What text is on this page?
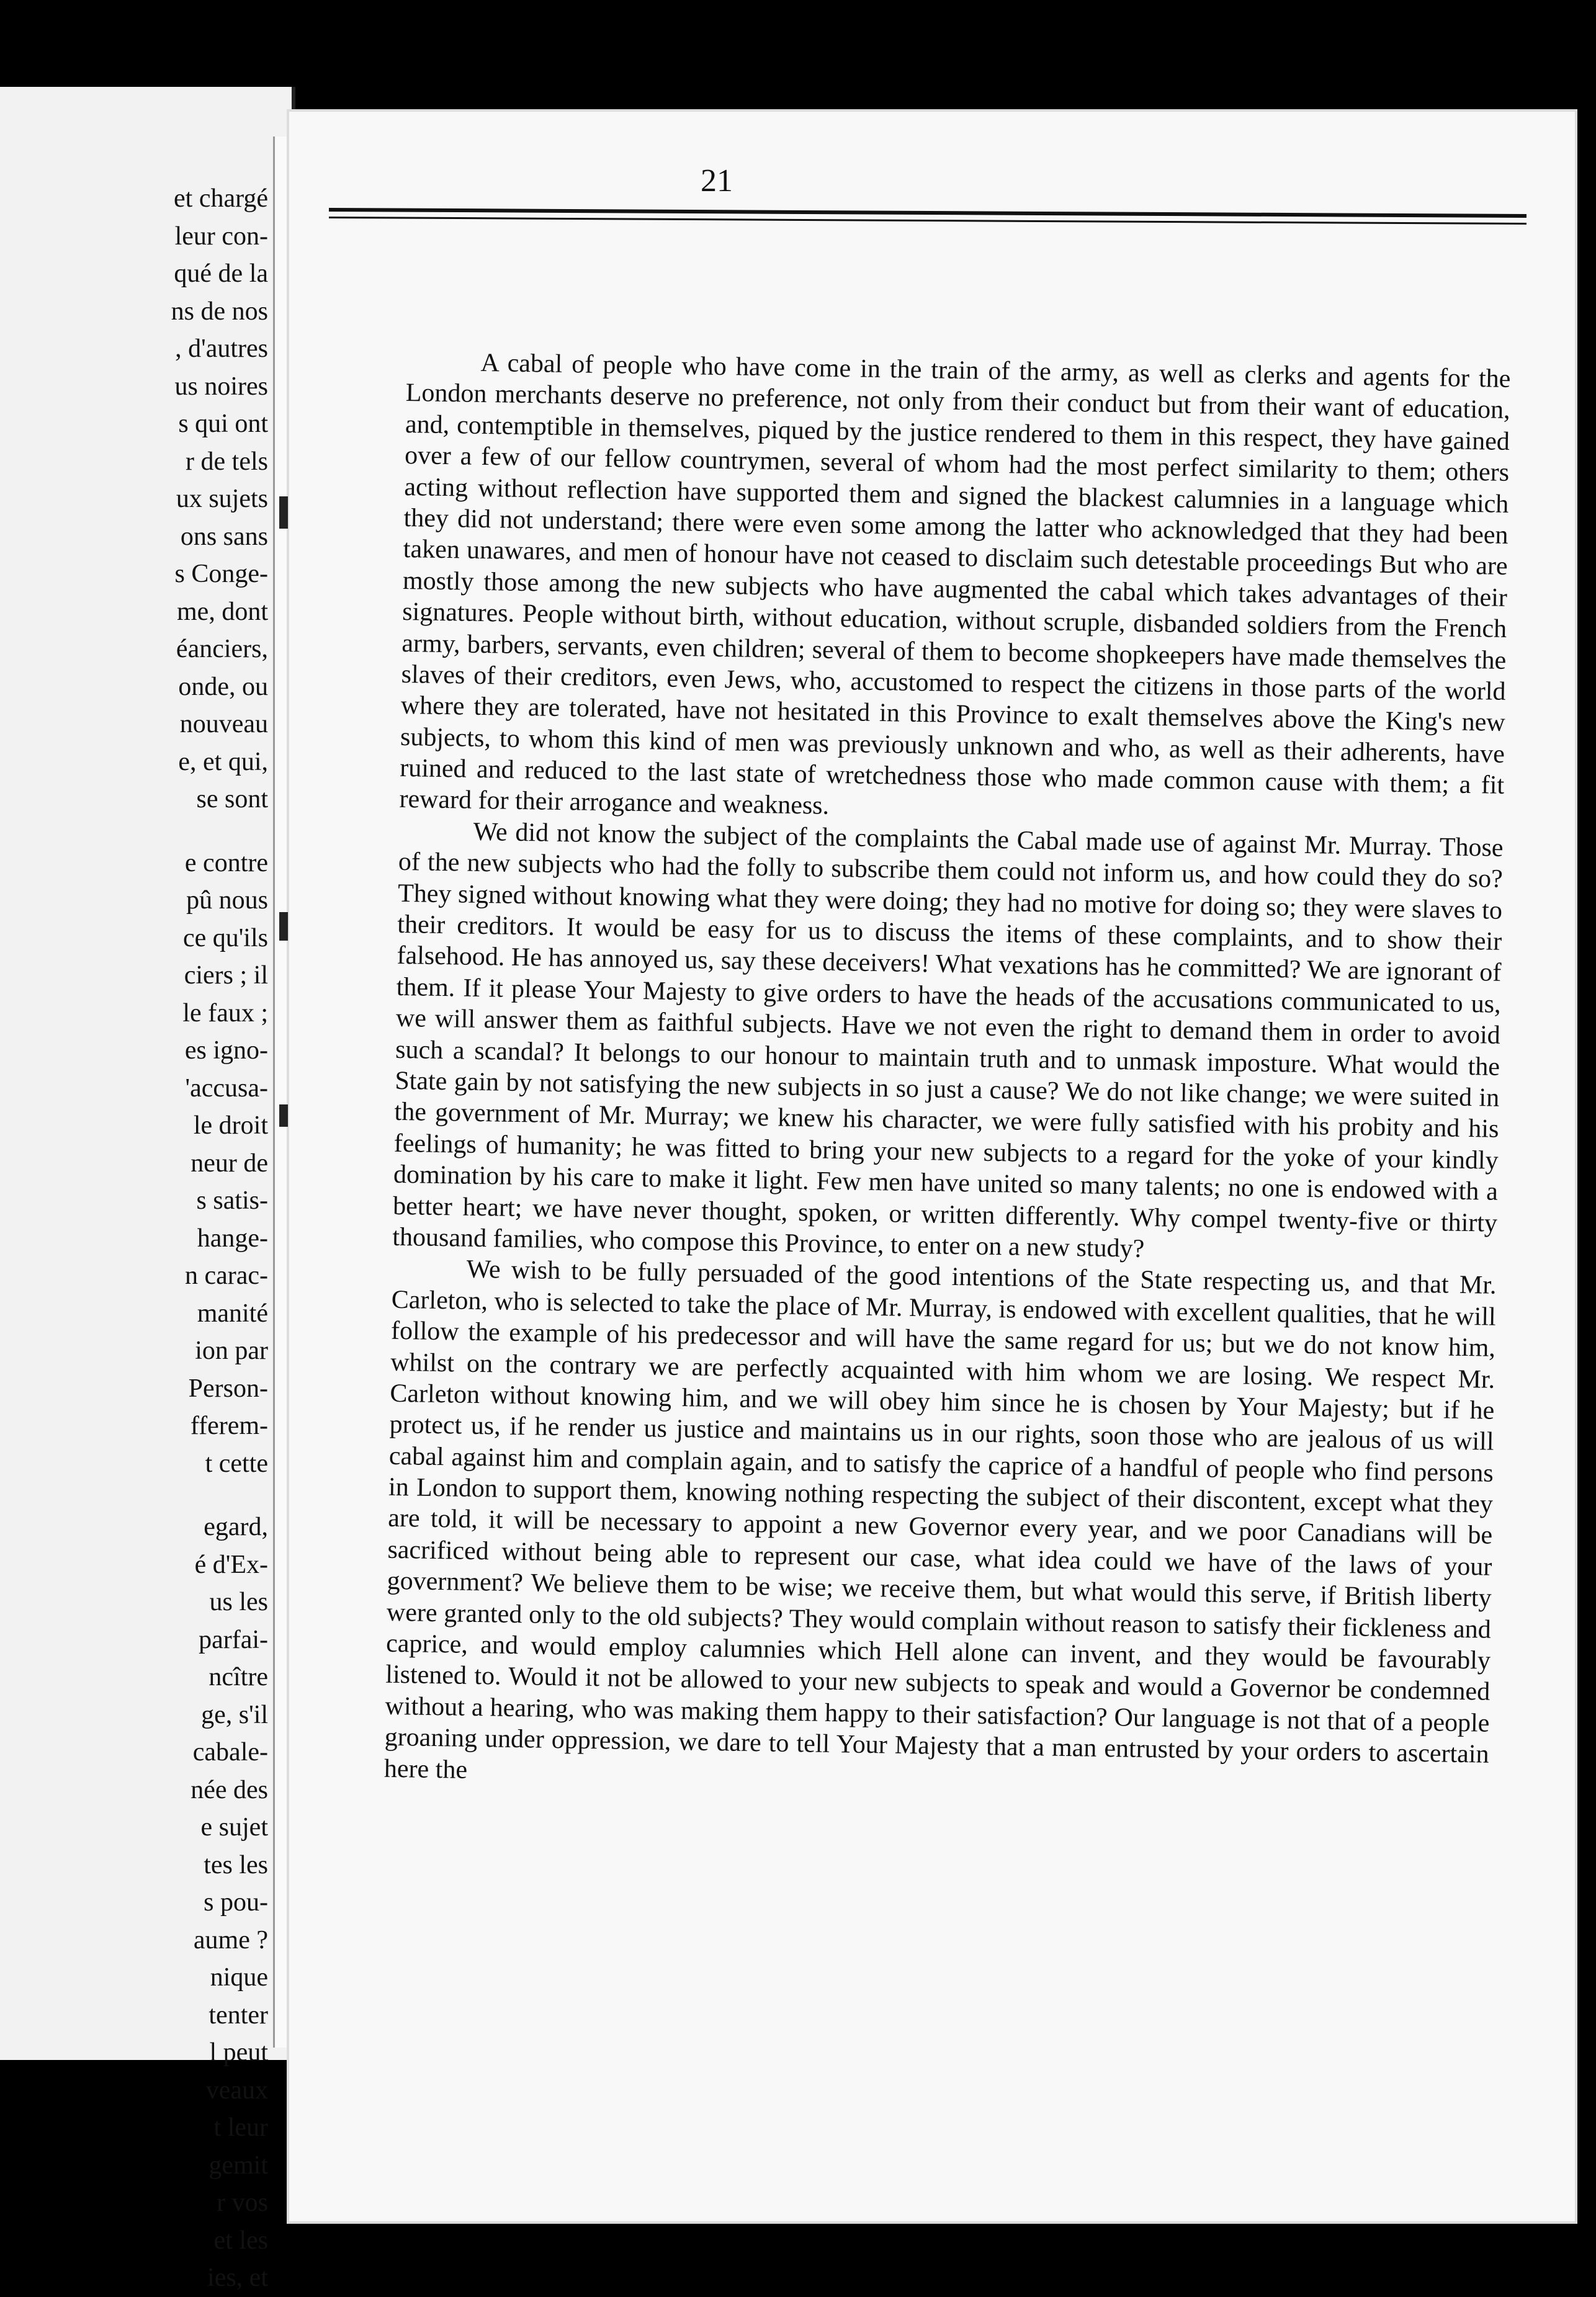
et chargé
leur con-
qué de la
ns de nos
, d'autres
us noires
s qui ont
r de tels
ux sujets
ons sans
s Conge-
me, dont
éanciers,
onde, ou
nouveau
e, et qui,
se sont
e contre
pû nous
ce qu'ils
ciers ; il
le faux ;
es igno-
'accusa-
le droit
neur de
s satis-
hange-
n carac-
manité
ion par
Person-
fferem-
t cette
egard,
é d'Ex-
us les
parfai-
ncître
ge, s'il
cabale-
née des
e sujet
tes les
s pou-
aume ?
nique
tenter
l peut
veaux
t leur
gemit
r vos
et les
ies, et
21

A cabal of people who have come in the train of the army, as well as clerks and agents for the London merchants deserve no preference, not only from their conduct but from their want of education, and, contemptible in themselves, piqued by the justice rendered to them in this respect, they have gained over a few of our fellow countrymen, several of whom had the most perfect similarity to them; others acting without reflection have supported them and signed the blackest calumnies in a language which they did not understand; there were even some among the latter who acknowledged that they had been taken unawares, and men of honour have not ceased to disclaim such detestable proceedings But who are mostly those among the new subjects who have augmented the cabal which takes advantages of their signatures. People without birth, without education, without scruple, disbanded soldiers from the French army, barbers, servants, even children; several of them to become shopkeepers have made themselves the slaves of their creditors, even Jews, who, accustomed to respect the citizens in those parts of the world where they are tolerated, have not hesitated in this Province to exalt themselves above the King's new subjects, to whom this kind of men was previously unknown and who, as well as their adherents, have ruined and reduced to the last state of wretchedness those who made common cause with them; a fit reward for their arrogance and weakness.

We did not know the subject of the complaints the Cabal made use of against Mr. Murray. Those of the new subjects who had the folly to subscribe them could not inform us, and how could they do so? They signed without knowing what they were doing; they had no motive for doing so; they were slaves to their creditors. It would be easy for us to discuss the items of these complaints, and to show their falsehood. He has annoyed us, say these deceivers! What vexations has he committed? We are ignorant of them. If it please Your Majesty to give orders to have the heads of the accusations communicated to us, we will answer them as faithful subjects. Have we not even the right to demand them in order to avoid such a scandal? It belongs to our honour to maintain truth and to unmask imposture. What would the State gain by not satisfying the new subjects in so just a cause? We do not like change; we were suited in the government of Mr. Murray; we knew his character, we were fully satisfied with his probity and his feelings of humanity; he was fitted to bring your new subjects to a regard for the yoke of your kindly domination by his care to make it light. Few men have united so many talents; no one is endowed with a better heart; we have never thought, spoken, or written differently. Why compel twenty-five or thirty thousand families, who compose this Province, to enter on a new study?

We wish to be fully persuaded of the good intentions of the State respecting us, and that Mr. Carleton, who is selected to take the place of Mr. Murray, is endowed with excellent qualities, that he will follow the example of his predecessor and will have the same regard for us; but we do not know him, whilst on the contrary we are perfectly acquainted with him whom we are losing. We respect Mr. Carleton without knowing him, and we will obey him since he is chosen by Your Majesty; but if he protect us, if he render us justice and maintains us in our rights, soon those who are jealous of us will cabal against him and complain again, and to satisfy the caprice of a handful of people who find persons in London to support them, knowing nothing respecting the subject of their discontent, except what they are told, it will be necessary to appoint a new Governor every year, and we poor Canadians will be sacrificed without being able to represent our case, what idea could we have of the laws of your government? We believe them to be wise; we receive them, but what would this serve, if British liberty were granted only to the old subjects? They would complain without reason to satisfy their fickleness and caprice, and would employ calumnies which Hell alone can invent, and they would be favourably listened to. Would it not be allowed to your new subjects to speak and would a Governor be condemned without a hearing, who was making them happy to their satisfaction? Our language is not that of a people groaning under oppression, we dare to tell Your Majesty that a man entrusted by your orders to ascertain here the
